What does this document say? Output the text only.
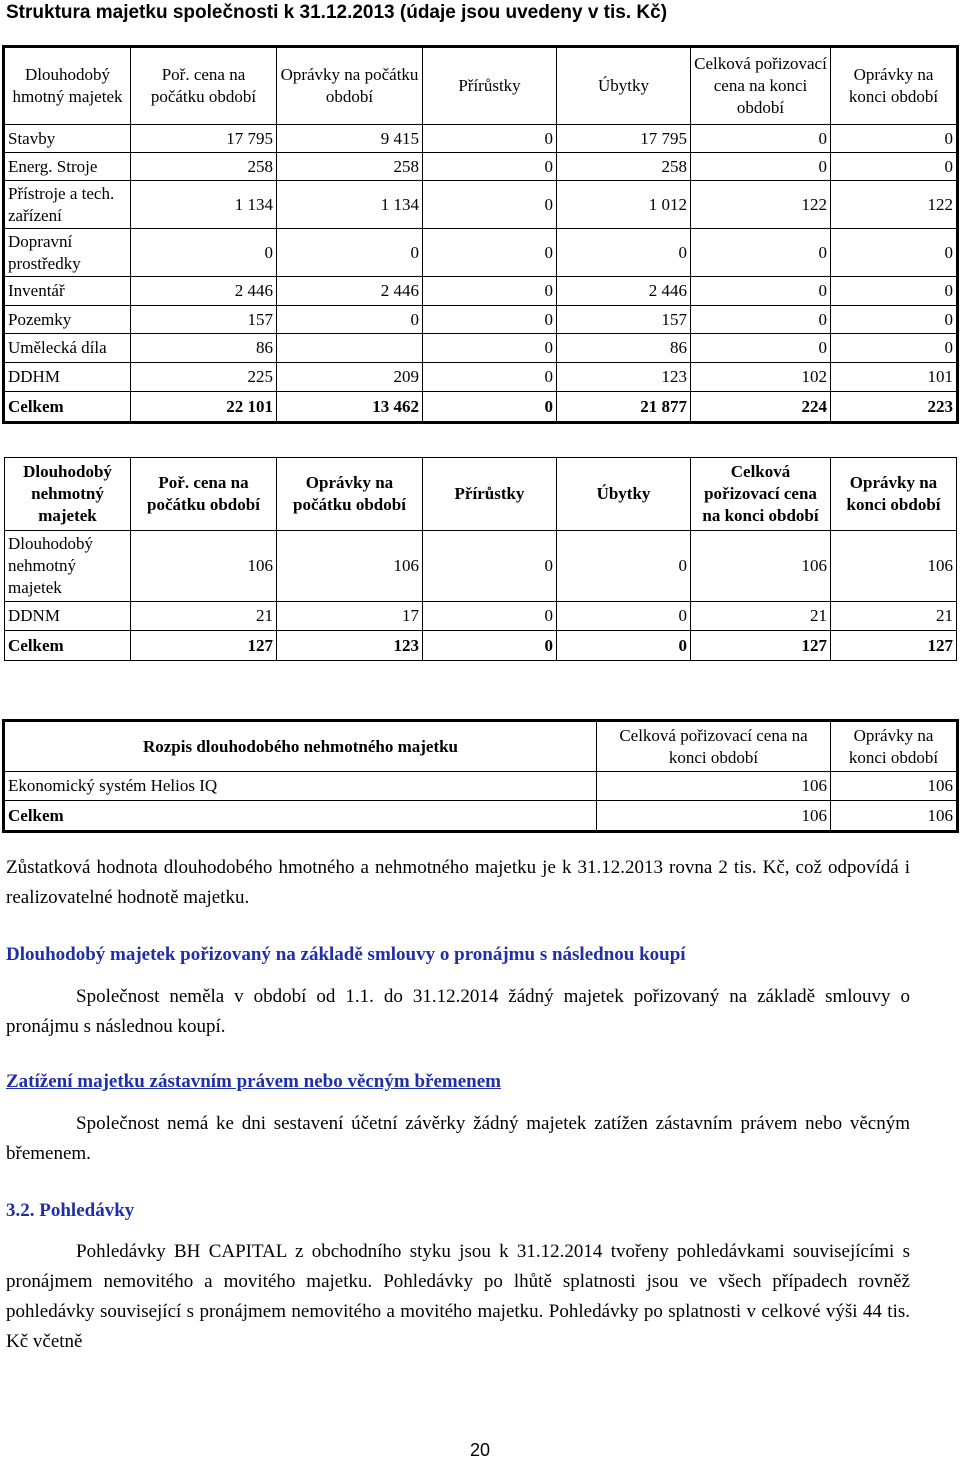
Struktura majetku společnosti k 31.12.2013 (údaje jsou uvedeny v tis. Kč)
Dlouhodobý hmotný majetek	Poř. cena na počátku období	Oprávky na počátku období	Přírůstky	Úbytky	Celková pořizovací cena na konci období	Oprávky na konci období
Stavby	17 795	9 415	0	17 795	0	0
Energ. Stroje	258	258	0	258	0	0
Přístroje a tech. zařízení	1 134	1 134	0	1 012	122	122
Dopravní prostředky	0	0	0	0	0	0
Inventář	2 446	2 446	0	2 446	0	0
Pozemky	157	0	0	157	0	0
Umělecká díla	86		0	86	0	0
DDHM	225	209	0	123	102	101
Celkem	22 101	13 462	0	21 877	224	223
Dlouhodobý nehmotný majetek	Poř. cena na počátku období	Oprávky na počátku období	Přírůstky	Úbytky	Celková pořizovací cena na konci období	Oprávky na konci období
Dlouhodobý nehmotný majetek	106	106	0	0	106	106
DDNM	21	17	0	0	21	21
Celkem	127	123	0	0	127	127
Rozpis dlouhodobého nehmotného majetku	Celková pořizovací cena na konci období	Oprávky na konci období
Ekonomický systém Helios IQ	106	106
Celkem	106	106

Zůstatková hodnota dlouhodobého hmotného a nehmotného majetku je k 31.12.2013 rovna 2 tis. Kč, což odpovídá i realizovatelné hodnotě majetku.

Dlouhodobý majetek pořizovaný na základě smlouvy o pronájmu s následnou koupí

Společnost neměla v období od 1.1. do 31.12.2014 žádný majetek pořizovaný na základě smlouvy o pronájmu s následnou koupí.

Zatížení majetku zástavním právem nebo věcným břemenem

Společnost nemá ke dni sestavení účetní závěrky žádný majetek zatížen zástavním právem nebo věcným břemenem.

3.2. Pohledávky

Pohledávky BH CAPITAL z obchodního styku jsou k 31.12.2014 tvořeny pohledávkami souvisejícími s pronájmem nemovitého a movitého majetku. Pohledávky po lhůtě splatnosti jsou ve všech případech rovněž pohledávky související s pronájmem nemovitého a movitého majetku. Pohledávky po splatnosti v celkové výši 44 tis. Kč včetně

20
